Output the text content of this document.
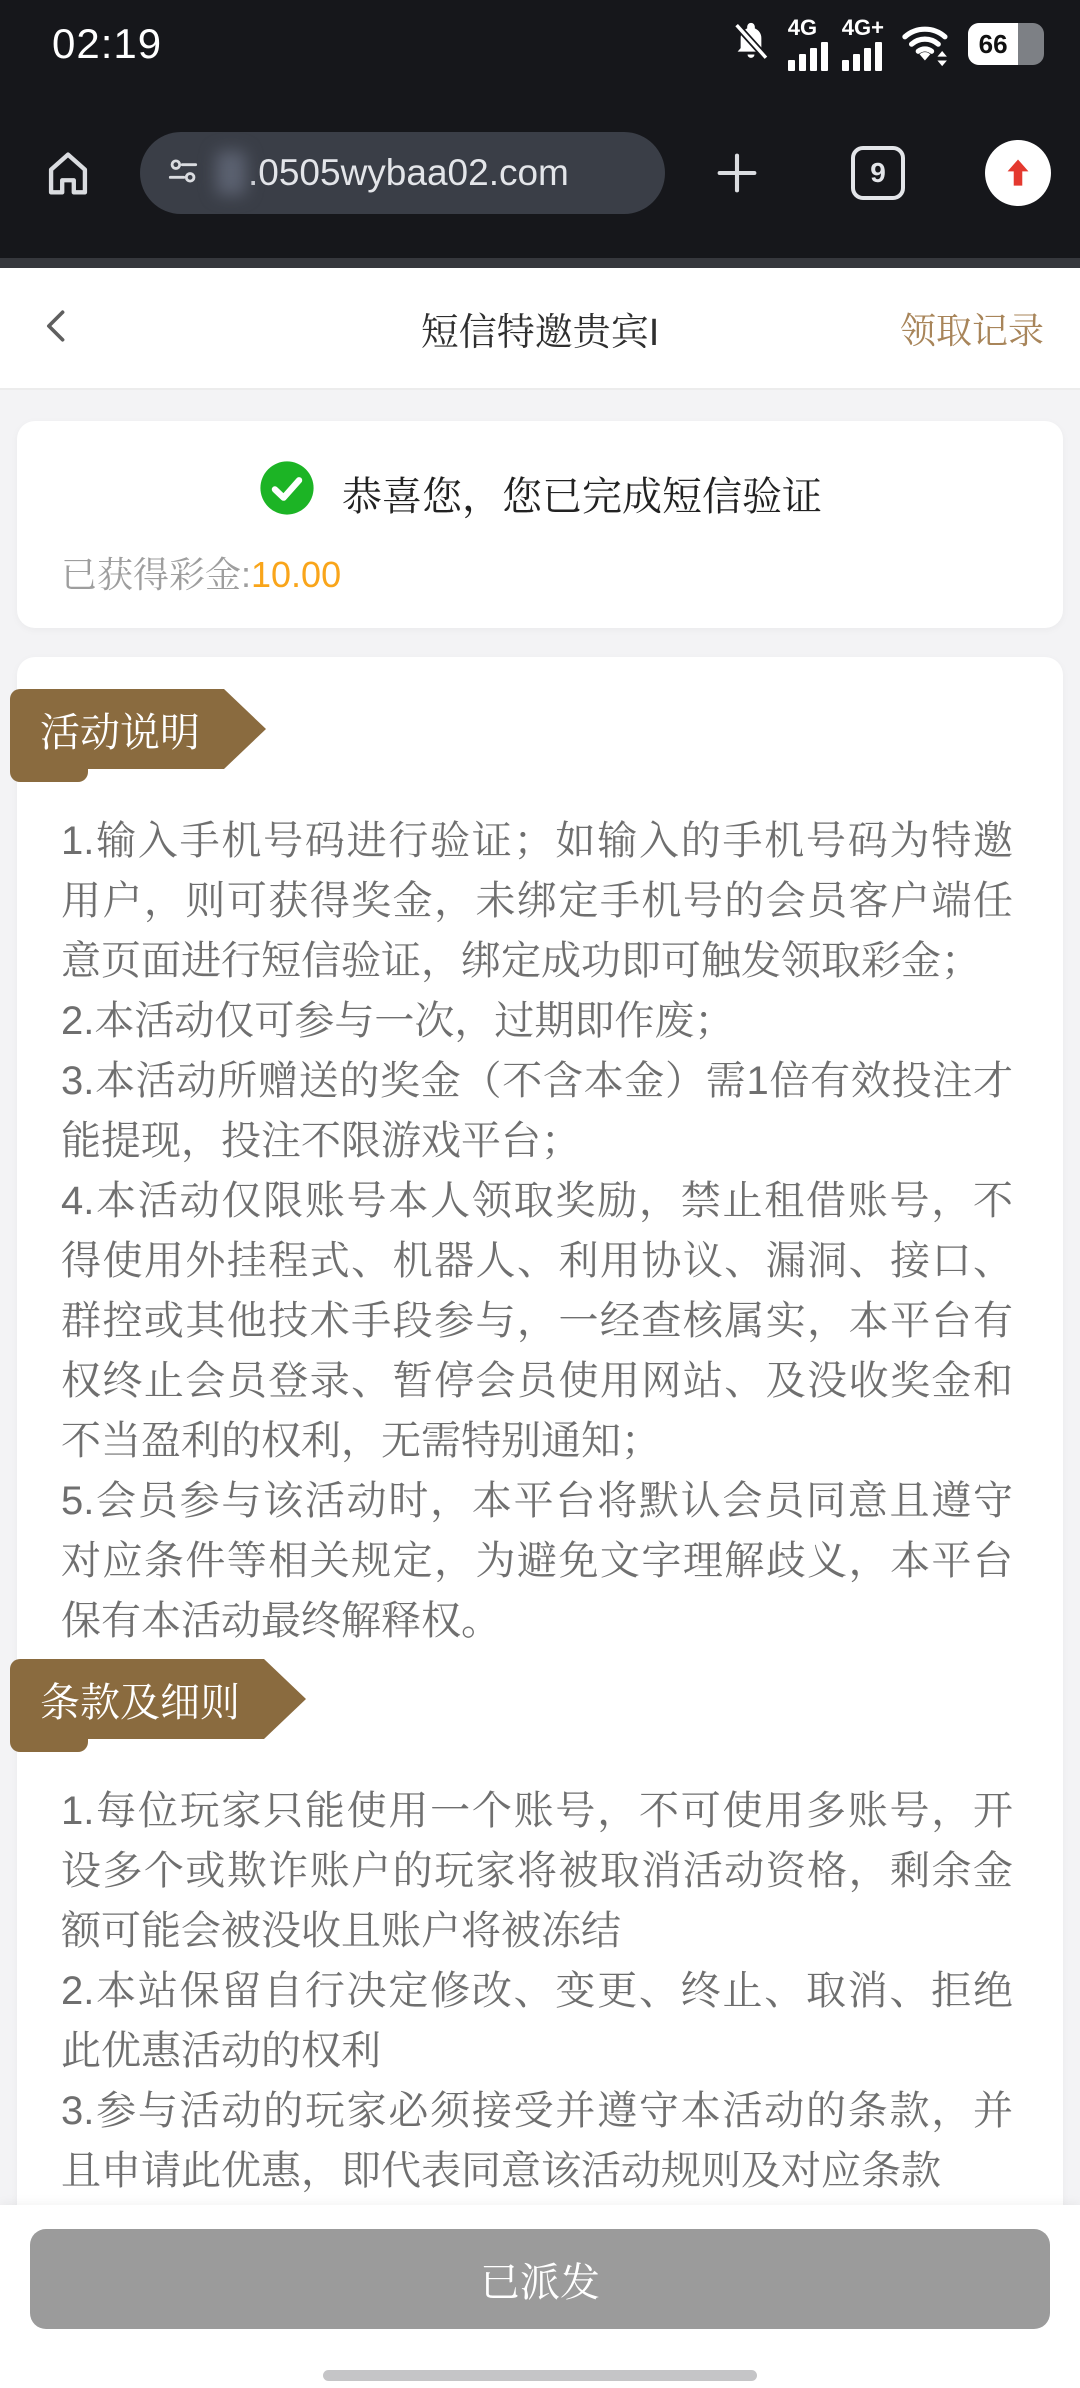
02:19	4G 4G+
66
.0505wybaa02.com	9
短信特邀贵宾I	领取记录
恭喜您，您已完成短信验证
已获得彩金:10.00
活动说明

1.输入手机号码进行验证；如输入的手机号码为特邀用户，则可获得奖金，未绑定手机号的会员客户端任意页面进行短信验证，绑定成功即可触发领取彩金；

2.本活动仅可参与一次，过期即作废；

3.本活动所赠送的奖金（不含本金）需1倍有效投注才能提现，投注不限游戏平台；

4.本活动仅限账号本人领取奖励，禁止租借账号，不得使用外挂程式、机器人、利用协议、漏洞、接口、群控或其他技术手段参与，一经查核属实，本平台有权终止会员登录、暂停会员使用网站、及没收奖金和不当盈利的权利，无需特别通知；

5.会员参与该活动时，本平台将默认会员同意且遵守对应条件等相关规定，为避免文字理解歧义，本平台保有本活动最终解释权。

条款及细则

1.每位玩家只能使用一个账号，不可使用多账号，开设多个或欺诈账户的玩家将被取消活动资格，剩余金额可能会被没收且账户将被冻结

2.本站保留自行决定修改、变更、终止、取消、拒绝此优惠活动的权利

3.参与活动的玩家必须接受并遵守本活动的条款，并且申请此优惠，即代表同意该活动规则及对应条款

已派发
